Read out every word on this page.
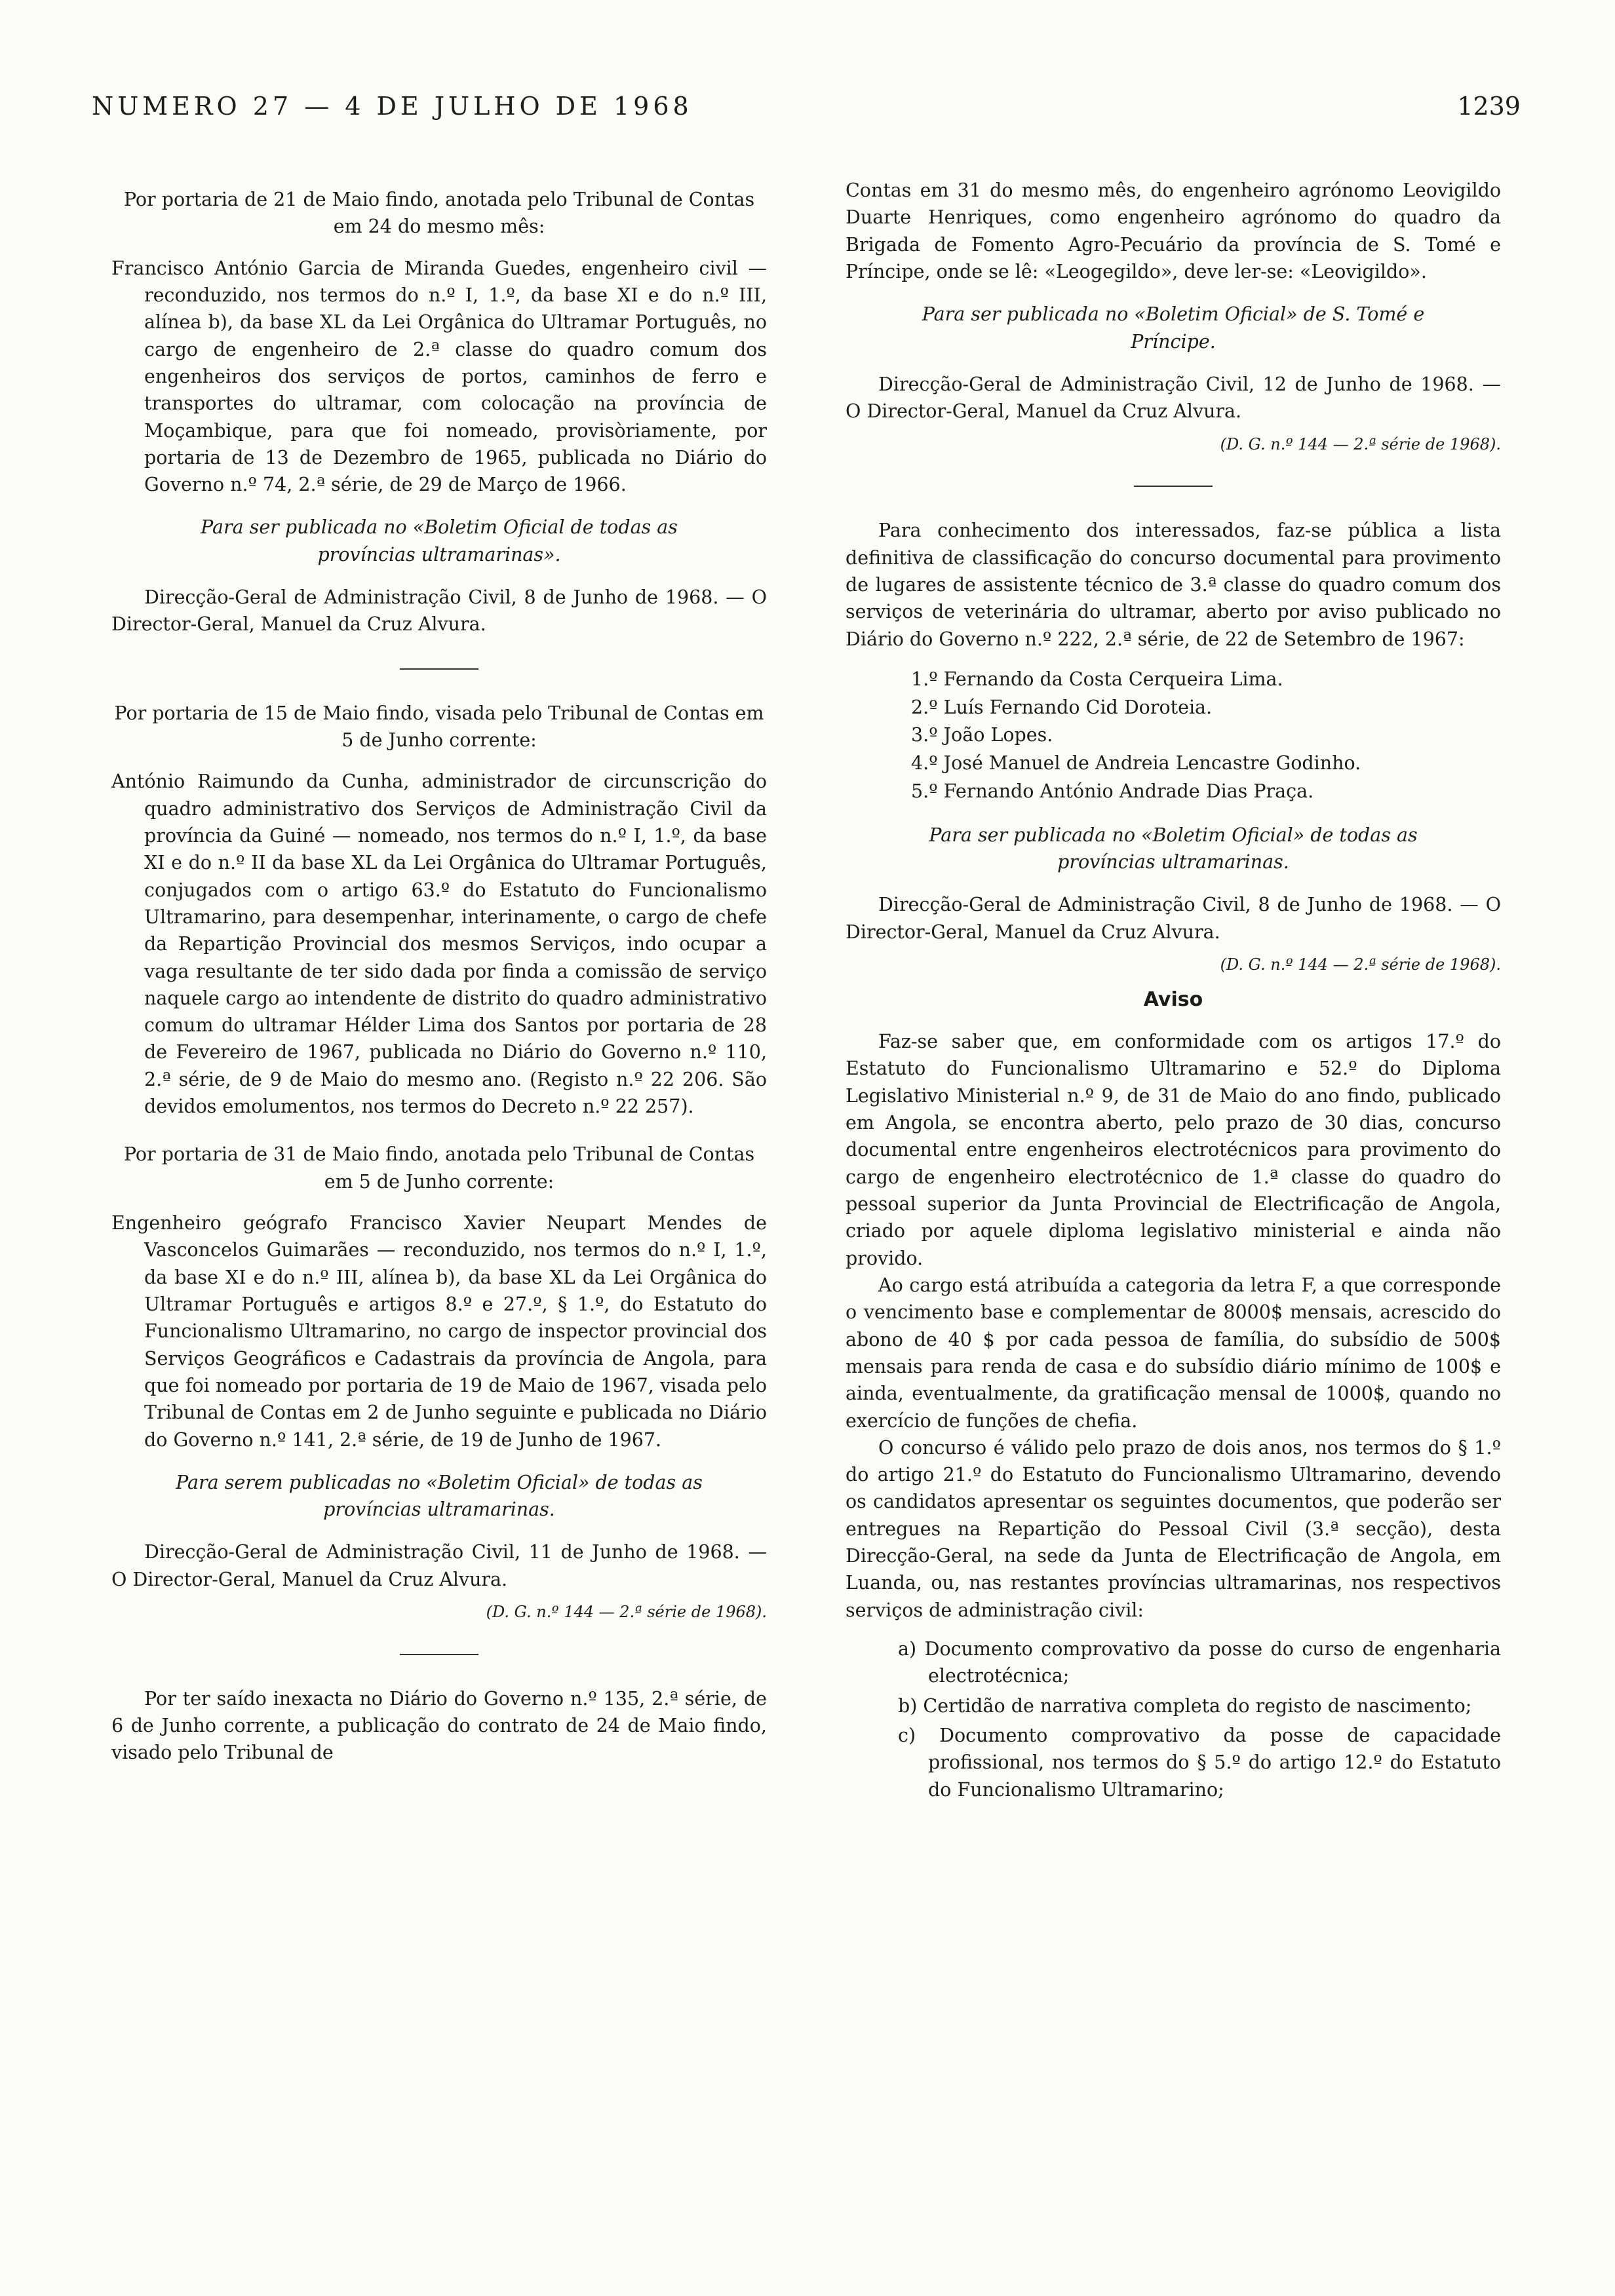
NUMERO 27 — 4 DE JULHO DE 1968	1239

Por portaria de 21 de Maio findo, anotada pelo Tribunal de Contas em 24 do mesmo mês:

Francisco António Garcia de Miranda Guedes, engenheiro civil — reconduzido, nos termos do n.º I, 1.º, da base XI e do n.º III, alínea b), da base XL da Lei Orgânica do Ultramar Português, no cargo de engenheiro de 2.ª classe do quadro comum dos engenheiros dos serviços de portos, caminhos de ferro e transportes do ultramar, com colocação na província de Moçambique, para que foi nomeado, provisòriamente, por portaria de 13 de Dezembro de 1965, publicada no Diário do Governo n.º 74, 2.ª série, de 29 de Março de 1966.

Para ser publicada no «Boletim Oficial de todas as províncias ultramarinas».

Direcção-Geral de Administração Civil, 8 de Junho de 1968. — O Director-Geral, Manuel da Cruz Alvura.

Por portaria de 15 de Maio findo, visada pelo Tribunal de Contas em 5 de Junho corrente:

António Raimundo da Cunha, administrador de circunscrição do quadro administrativo dos Serviços de Administração Civil da província da Guiné — nomeado, nos termos do n.º I, 1.º, da base XI e do n.º II da base XL da Lei Orgânica do Ultramar Português, conjugados com o artigo 63.º do Estatuto do Funcionalismo Ultramarino, para desempenhar, interinamente, o cargo de chefe da Repartição Provincial dos mesmos Serviços, indo ocupar a vaga resultante de ter sido dada por finda a comissão de serviço naquele cargo ao intendente de distrito do quadro administrativo comum do ultramar Hélder Lima dos Santos por portaria de 28 de Fevereiro de 1967, publicada no Diário do Governo n.º 110, 2.ª série, de 9 de Maio do mesmo ano. (Registo n.º 22 206. São devidos emolumentos, nos termos do Decreto n.º 22 257).

Por portaria de 31 de Maio findo, anotada pelo Tribunal de Contas em 5 de Junho corrente:

Engenheiro geógrafo Francisco Xavier Neupart Mendes de Vasconcelos Guimarães — reconduzido, nos termos do n.º I, 1.º, da base XI e do n.º III, alínea b), da base XL da Lei Orgânica do Ultramar Português e artigos 8.º e 27.º, § 1.º, do Estatuto do Funcionalismo Ultramarino, no cargo de inspector provincial dos Serviços Geográficos e Cadastrais da província de Angola, para que foi nomeado por portaria de 19 de Maio de 1967, visada pelo Tribunal de Contas em 2 de Junho seguinte e publicada no Diário do Governo n.º 141, 2.ª série, de 19 de Junho de 1967.

Para serem publicadas no «Boletim Oficial» de todas as províncias ultramarinas.

Direcção-Geral de Administração Civil, 11 de Junho de 1968. — O Director-Geral, Manuel da Cruz Alvura.

(D. G. n.º 144 — 2.ª série de 1968).

Por ter saído inexacta no Diário do Governo n.º 135, 2.ª série, de 6 de Junho corrente, a publicação do contrato de 24 de Maio findo, visado pelo Tribunal de

Contas em 31 do mesmo mês, do engenheiro agrónomo Leovigildo Duarte Henriques, como engenheiro agrónomo do quadro da Brigada de Fomento Agro-Pecuário da província de S. Tomé e Príncipe, onde se lê: «Leogegildo», deve ler-se: «Leovigildo».

Para ser publicada no «Boletim Oficial» de S. Tomé e Príncipe.

Direcção-Geral de Administração Civil, 12 de Junho de 1968. — O Director-Geral, Manuel da Cruz Alvura.

(D. G. n.º 144 — 2.ª série de 1968).

Para conhecimento dos interessados, faz-se pública a lista definitiva de classificação do concurso documental para provimento de lugares de assistente técnico de 3.ª classe do quadro comum dos serviços de veterinária do ultramar, aberto por aviso publicado no Diário do Governo n.º 222, 2.ª série, de 22 de Setembro de 1967:

1.º Fernando da Costa Cerqueira Lima.
2.º Luís Fernando Cid Doroteia.
3.º João Lopes.
4.º José Manuel de Andreia Lencastre Godinho.
5.º Fernando António Andrade Dias Praça.

Para ser publicada no «Boletim Oficial» de todas as províncias ultramarinas.

Direcção-Geral de Administração Civil, 8 de Junho de 1968. — O Director-Geral, Manuel da Cruz Alvura.

(D. G. n.º 144 — 2.ª série de 1968).

Aviso

Faz-se saber que, em conformidade com os artigos 17.º do Estatuto do Funcionalismo Ultramarino e 52.º do Diploma Legislativo Ministerial n.º 9, de 31 de Maio do ano findo, publicado em Angola, se encontra aberto, pelo prazo de 30 dias, concurso documental entre engenheiros electrotécnicos para provimento do cargo de engenheiro electrotécnico de 1.ª classe do quadro do pessoal superior da Junta Provincial de Electrificação de Angola, criado por aquele diploma legislativo ministerial e ainda não provido.

Ao cargo está atribuída a categoria da letra F, a que corresponde o vencimento base e complementar de 8000$ mensais, acrescido do abono de 40 $ por cada pessoa de família, do subsídio de 500$ mensais para renda de casa e do subsídio diário mínimo de 100$ e ainda, eventualmente, da gratificação mensal de 1000$, quando no exercício de funções de chefia.

O concurso é válido pelo prazo de dois anos, nos termos do § 1.º do artigo 21.º do Estatuto do Funcionalismo Ultramarino, devendo os candidatos apresentar os seguintes documentos, que poderão ser entregues na Repartição do Pessoal Civil (3.ª secção), desta Direcção-Geral, na sede da Junta de Electrificação de Angola, em Luanda, ou, nas restantes províncias ultramarinas, nos respectivos serviços de administração civil:

a) Documento comprovativo da posse do curso de engenharia electrotécnica;
b) Certidão de narrativa completa do registo de nascimento;
c) Documento comprovativo da posse de capacidade profissional, nos termos do § 5.º do artigo 12.º do Estatuto do Funcionalismo Ultramarino;
